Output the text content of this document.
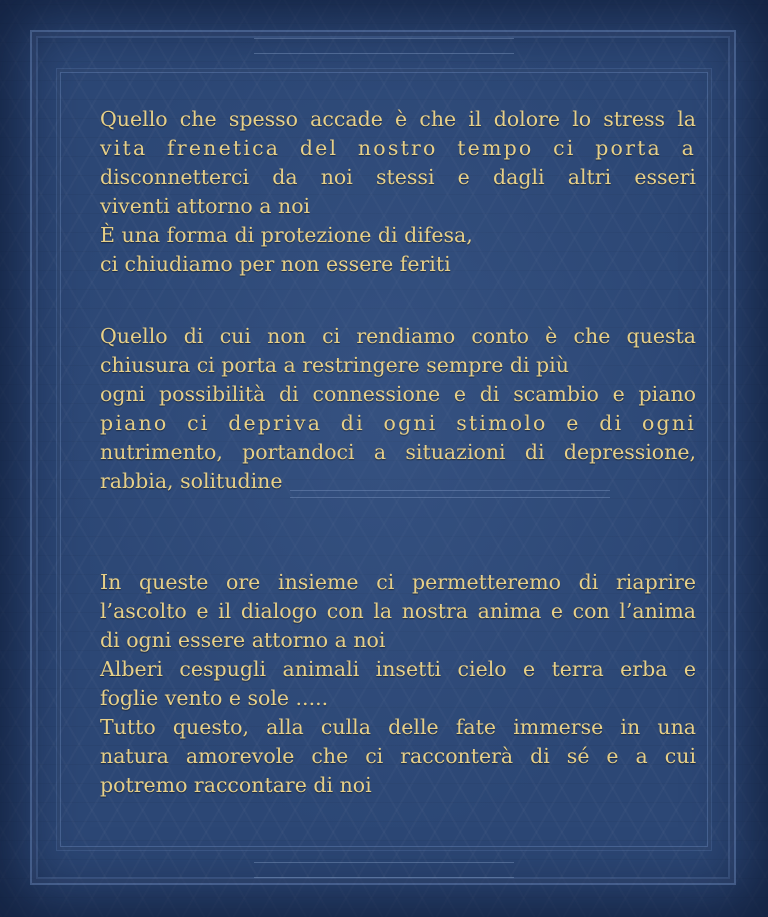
Quello che spesso accade è che il dolore lo stress la
vita frenetica del nostro tempo ci porta a
disconnetterci da noi stessi e dagli altri esseri
viventi attorno a noi
È una forma di protezione di difesa,
ci chiudiamo per non essere feriti
Quello di cui non ci rendiamo conto è che questa
chiusura ci porta a restringere sempre di più
ogni possibilità di connessione e di scambio e piano
piano ci depriva di ogni stimolo e di ogni
nutrimento, portandoci a situazioni di depressione,
rabbia, solitudine
In queste ore insieme ci permetteremo di riaprire
l’ascolto e il dialogo con la nostra anima e con l’anima
di ogni essere attorno a noi
Alberi cespugli animali insetti cielo e terra erba e
foglie vento e sole .....
Tutto questo, alla culla delle fate immerse in una
natura amorevole che ci racconterà di sé e a cui
potremo raccontare di noi
